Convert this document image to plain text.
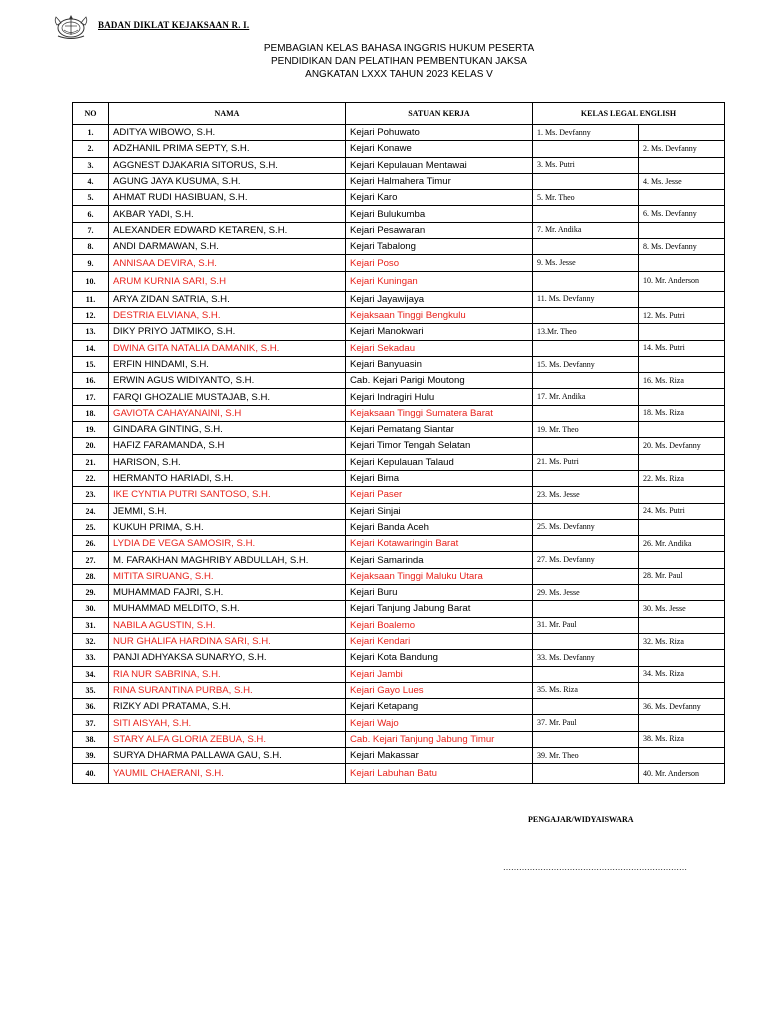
BADAN DIKLAT KEJAKSAAN R. I.
PEMBAGIAN KELAS BAHASA INGGRIS HUKUM PESERTA
PENDIDIKAN DAN PELATIHAN PEMBENTUKAN JAKSA
ANGKATAN LXXX TAHUN 2023 KELAS V
NO	NAMA	SATUAN KERJA	KELAS LEGAL ENGLISH	
1.	ADITYA WIBOWO, S.H.	Kejari Pohuwato	1. Ms. Devfanny	
2.	ADZHANIL PRIMA SEPTY, S.H.	Kejari Konawe		2. Ms. Devfanny
3.	AGGNEST DJAKARIA SITORUS, S.H.	Kejari Kepulauan Mentawai	3. Ms. Putri	
4.	AGUNG JAYA KUSUMA, S.H.	Kejari Halmahera Timur		4. Ms. Jesse
5.	AHMAT RUDI HASIBUAN, S.H.	Kejari Karo	5. Mr. Theo	
6.	AKBAR YADI, S.H.	Kejari Bulukumba		6. Ms. Devfanny
7.	ALEXANDER EDWARD KETAREN, S.H.	Kejari Pesawaran	7. Mr. Andika	
8.	ANDI DARMAWAN, S.H.	Kejari Tabalong		8. Ms. Devfanny
9.	ANNISAA DEVIRA, S.H.	Kejari Poso	9. Ms. Jesse	
10.	ARUM KURNIA SARI, S.H	Kejari Kuningan		10. Mr. Anderson
11.	ARYA ZIDAN SATRIA, S.H.	Kejari Jayawijaya	11. Ms. Devfanny	
12.	DESTRIA ELVIANA, S.H.	Kejaksaan Tinggi Bengkulu		12. Ms. Putri
13.	DIKY PRIYO JATMIKO, S.H.	Kejari Manokwari	13.Mr. Theo	
14.	DWINA GITA NATALIA DAMANIK, S.H.	Kejari Sekadau		14. Ms. Putri
15.	ERFIN HINDAMI, S.H.	Kejari Banyuasin	15. Ms. Devfanny	
16.	ERWIN AGUS WIDIYANTO, S.H.	Cab. Kejari Parigi Moutong		16. Ms. Riza
17.	FARQI GHOZALIE MUSTAJAB, S.H.	Kejari Indragiri Hulu	17. Mr. Andika	
18.	GAVIOTA CAHAYANAINI, S.H	Kejaksaan Tinggi Sumatera Barat		18. Ms. Riza
19.	GINDARA GINTING, S.H.	Kejari Pematang Siantar	19. Mr. Theo	
20.	HAFIZ FARAMANDA, S.H	Kejari Timor Tengah Selatan		20. Ms. Devfanny
21.	HARISON, S.H.	Kejari Kepulauan Talaud	21. Ms. Putri	
22.	HERMANTO HARIADI, S.H.	Kejari Bima		22. Ms. Riza
23.	IKE CYNTIA PUTRI SANTOSO, S.H.	Kejari Paser	23. Ms. Jesse	
24.	JEMMI, S.H.	Kejari Sinjai		24. Ms. Putri
25.	KUKUH PRIMA, S.H.	Kejari Banda Aceh	25. Ms. Devfanny	
26.	LYDIA DE VEGA SAMOSIR, S.H.	Kejari Kotawaringin Barat		26. Mr. Andika
27.	M. FARAKHAN MAGHRIBY ABDULLAH, S.H.	Kejari Samarinda	27. Ms. Devfanny	
28.	MITITA SIRUANG, S.H.	Kejaksaan Tinggi Maluku Utara		28. Mr. Paul
29.	MUHAMMAD FAJRI, S.H.	Kejari Buru	29. Ms. Jesse	
30.	MUHAMMAD MELDITO, S.H.	Kejari Tanjung Jabung Barat		30. Ms. Jesse
31.	NABILA AGUSTIN, S.H.	Kejari Boalemo	31. Mr. Paul	
32.	NUR GHALIFA HARDINA SARI, S.H.	Kejari Kendari		32. Ms. Riza
33.	PANJI ADHYAKSA SUNARYO, S.H.	Kejari Kota Bandung	33. Ms. Devfanny	
34.	RIA NUR SABRINA, S.H.	Kejari Jambi		34. Ms. Riza
35.	RINA SURANTINA PURBA, S.H.	Kejari Gayo Lues	35. Ms. Riza	
36.	RIZKY ADI PRATAMA, S.H.	Kejari Ketapang		36. Ms. Devfanny
37.	SITI AISYAH, S.H.	Kejari Wajo	37. Mr. Paul	
38.	STARY ALFA GLORIA ZEBUA, S.H.	Cab. Kejari Tanjung Jabung Timur		38. Ms. Riza
39.	SURYA DHARMA PALLAWA GAU, S.H.	Kejari Makassar	39. Mr. Theo	
40.	YAUMIL CHAERANI, S.H.	Kejari Labuhan Batu		40. Mr. Anderson
PENGAJAR/WIDYAISWARA
……………………………………………………………
